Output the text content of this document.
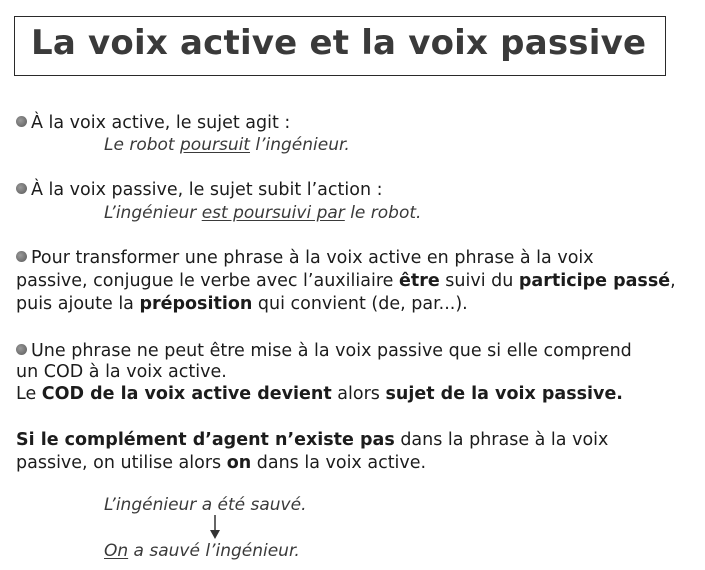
La voix active et la voix passive
À la voix active, le sujet agit :
Le robot poursuit l’ingénieur.
À la voix passive, le sujet subit l’action :
L’ingénieur est poursuivi par le robot.
Pour transformer une phrase à la voix active en phrase à la voix
passive, conjugue le verbe avec l’auxiliaire être suivi du participe passé,
puis ajoute la préposition qui convient (de, par...).
Une phrase ne peut être mise à la voix passive que si elle comprend
un COD à la voix active.
Le COD de la voix active devient alors sujet de la voix passive.
Si le complément d’agent n’existe pas dans la phrase à la voix
passive, on utilise alors on dans la voix active.
L’ingénieur a été sauvé.
On a sauvé l’ingénieur.
